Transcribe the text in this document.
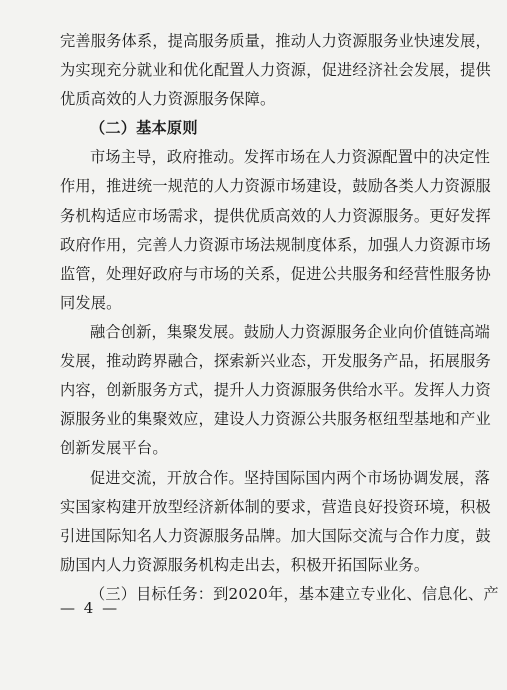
完善服务体系，提高服务质量，推动人力资源服务业快速发展，
为实现充分就业和优化配置人力资源，促进经济社会发展，提供
优质高效的人力资源服务保障。
（二）基本原则
市场主导，政府推动。发挥市场在人力资源配置中的决定性
作用，推进统一规范的人力资源市场建设，鼓励各类人力资源服
务机构适应市场需求，提供优质高效的人力资源服务。更好发挥
政府作用，完善人力资源市场法规制度体系，加强人力资源市场
监管，处理好政府与市场的关系，促进公共服务和经营性服务协
同发展。
融合创新，集聚发展。鼓励人力资源服务企业向价值链高端
发展，推动跨界融合，探索新兴业态，开发服务产品，拓展服务
内容，创新服务方式，提升人力资源服务供给水平。发挥人力资
源服务业的集聚效应，建设人力资源公共服务枢纽型基地和产业
创新发展平台。
促进交流，开放合作。坚持国际国内两个市场协调发展，落
实国家构建开放型经济新体制的要求，营造良好投资环境，积极
引进国际知名人力资源服务品牌。加大国际交流与合作力度，鼓
励国内人力资源服务机构走出去，积极开拓国际业务。
（三）目标任务：到2020年，基本建立专业化、信息化、产
— 4 —
